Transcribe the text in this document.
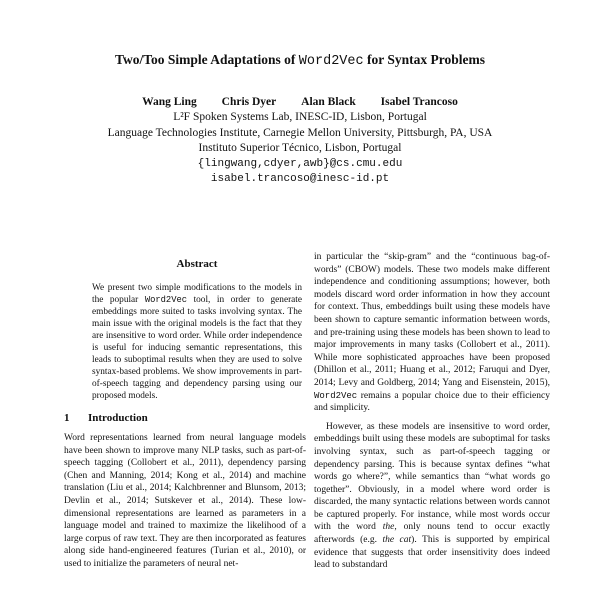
Two/Too Simple Adaptations of Word2Vec for Syntax Problems
Wang Ling Chris Dyer Alan Black Isabel Trancoso
L²F Spoken Systems Lab, INESC-ID, Lisbon, Portugal
Language Technologies Institute, Carnegie Mellon University, Pittsburgh, PA, USA
Instituto Superior Técnico, Lisbon, Portugal
{lingwang,cdyer,awb}@cs.cmu.edu
isabel.trancoso@inesc-id.pt
Abstract
We present two simple modifications to the models in the popular Word2Vec tool, in order to generate embeddings more suited to tasks involving syntax. The main issue with the original models is the fact that they are insensitive to word order. While order independence is useful for inducing semantic representations, this leads to suboptimal results when they are used to solve syntax-based problems. We show improvements in part-of-speech tagging and dependency parsing using our proposed models.
1 Introduction

Word representations learned from neural language models have been shown to improve many NLP tasks, such as part-of-speech tagging (Collobert et al., 2011), dependency parsing (Chen and Manning, 2014; Kong et al., 2014) and machine translation (Liu et al., 2014; Kalchbrenner and Blunsom, 2013; Devlin et al., 2014; Sutskever et al., 2014). These low-dimensional representations are learned as parameters in a language model and trained to maximize the likelihood of a large corpus of raw text. They are then incorporated as features along side hand-engineered features (Turian et al., 2010), or used to initialize the parameters of neural net-

in particular the “skip-gram” and the “continuous bag-of-words” (CBOW) models. These two models make different independence and conditioning assumptions; however, both models discard word order information in how they account for context. Thus, embeddings built using these models have been shown to capture semantic information between words, and pre-training using these models has been shown to lead to major improvements in many tasks (Collobert et al., 2011). While more sophisticated approaches have been proposed (Dhillon et al., 2011; Huang et al., 2012; Faruqui and Dyer, 2014; Levy and Goldberg, 2014; Yang and Eisenstein, 2015), Word2Vec remains a popular choice due to their efficiency and simplicity.

However, as these models are insensitive to word order, embeddings built using these models are suboptimal for tasks involving syntax, such as part-of-speech tagging or dependency parsing. This is because syntax defines “what words go where?”, while semantics than “what words go together”. Obviously, in a model where word order is discarded, the many syntactic relations between words cannot be captured properly. For instance, while most words occur with the word the, only nouns tend to occur exactly afterwords (e.g. the cat). This is supported by empirical evidence that suggests that order insensitivity does indeed lead to substandard
